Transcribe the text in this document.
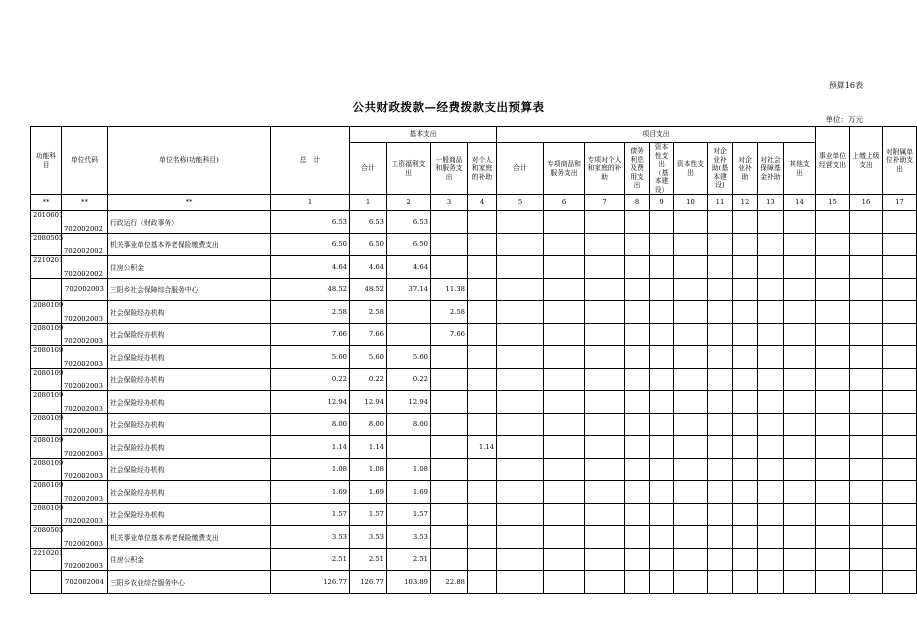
预算16表
公共财政拨款—经费拨款支出预算表
单位：万元
功能科目	单位代码	单位名称(功能科目)	总　计	基本支出				项目支出										事业单位经营支出	上缴上级支出	对附属单位补助支出
				合计	工资福利支出	一般商品和服务支出	对个人和家庭的补助	合计	专项商品和服务支出	专项对个人和家庭的补助	债务利息及费用支出	资本性支出（基本建设）	资本性支出	对企业补助(基本建设)	对企业补助	对社会保障基金补助	其他支出			
**	**	**	1	1	2	3	4	5	6	7	8	9	10	11	12	13	14	15	16	17
2010601	702002002	行政运行（财政事务）	6.53	6.53	6.53															
2080505	702002002	机关事业单位基本养老保险缴费支出	6.50	6.50	6.50															
2210201	702002002	住房公积金	4.64	4.64	4.64															
	702002003	三阳乡社会保障综合服务中心	48.52	48.52	37.14	11.38														
2080109	702002003	社会保险经办机构	2.58	2.58		2.58														
2080109	702002003	社会保险经办机构	7.66	7.66		7.66														
2080109	702002003	社会保险经办机构	5.60	5.60	5.60															
2080109	702002003	社会保险经办机构	0.22	0.22	0.22															
2080109	702002003	社会保险经办机构	12.94	12.94	12.94															
2080109	702002003	社会保险经办机构	8.00	8.00	8.00															
2080109	702002003	社会保险经办机构	1.14	1.14			1.14													
2080109	702002003	社会保险经办机构	1.08	1.08	1.08															
2080109	702002003	社会保险经办机构	1.69	1.69	1.69															
2080109	702002003	社会保险经办机构	1.57	1.57	1.57															
2080505	702002003	机关事业单位基本养老保险缴费支出	3.53	3.53	3.53															
2210201	702002003	住房公积金	2.51	2.51	2.51															
	702002004	三阳乡农业综合服务中心	126.77	126.77	103.89	22.88														
